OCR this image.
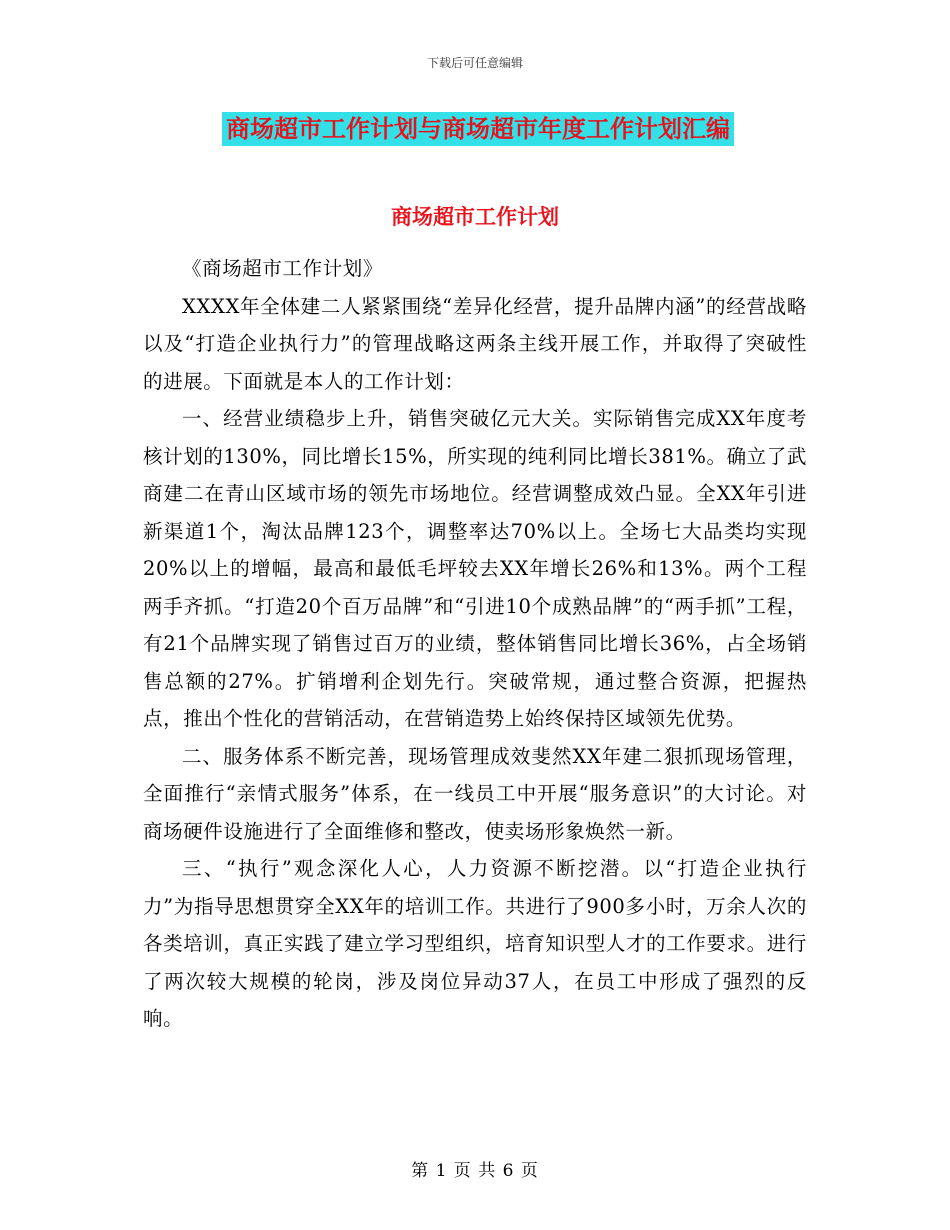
下载后可任意编辑
商场超市工作计划与商场超市年度工作计划汇编
商场超市工作计划

《商场超市工作计划》

XXXX年全体建二人紧紧围绕“差异化经营，提升品牌内涵”的经营战略以及“打造企业执行力”的管理战略这两条主线开展工作，并取得了突破性的进展。下面就是本人的工作计划：

一、经营业绩稳步上升，销售突破亿元大关。实际销售完成XX年度考核计划的130%，同比增长15%，所实现的纯利同比增长381%。确立了武商建二在青山区域市场的领先市场地位。经营调整成效凸显。全XX年引进新渠道1个，淘汰品牌123个，调整率达70%以上。全场七大品类均实现20%以上的增幅，最高和最低毛坪较去XX年增长26%和13%。两个工程两手齐抓。“打造20个百万品牌”和“引进10个成熟品牌”的“两手抓”工程，有21个品牌实现了销售过百万的业绩，整体销售同比增长36%，占全场销售总额的27%。扩销增利企划先行。突破常规，通过整合资源，把握热点，推出个性化的营销活动，在营销造势上始终保持区域领先优势。

二、服务体系不断完善，现场管理成效斐然XX年建二狠抓现场管理，全面推行“亲情式服务”体系，在一线员工中开展“服务意识”的大讨论。对商场硬件设施进行了全面维修和整改，使卖场形象焕然一新。

三、“执行”观念深化人心，人力资源不断挖潜。以“打造企业执行力”为指导思想贯穿全XX年的培训工作。共进行了900多小时，万余人次的各类培训，真正实践了建立学习型组织，培育知识型人才的工作要求。进行了两次较大规模的轮岗，涉及岗位异动37人，在员工中形成了强烈的反响。

第 1 页 共 6 页
